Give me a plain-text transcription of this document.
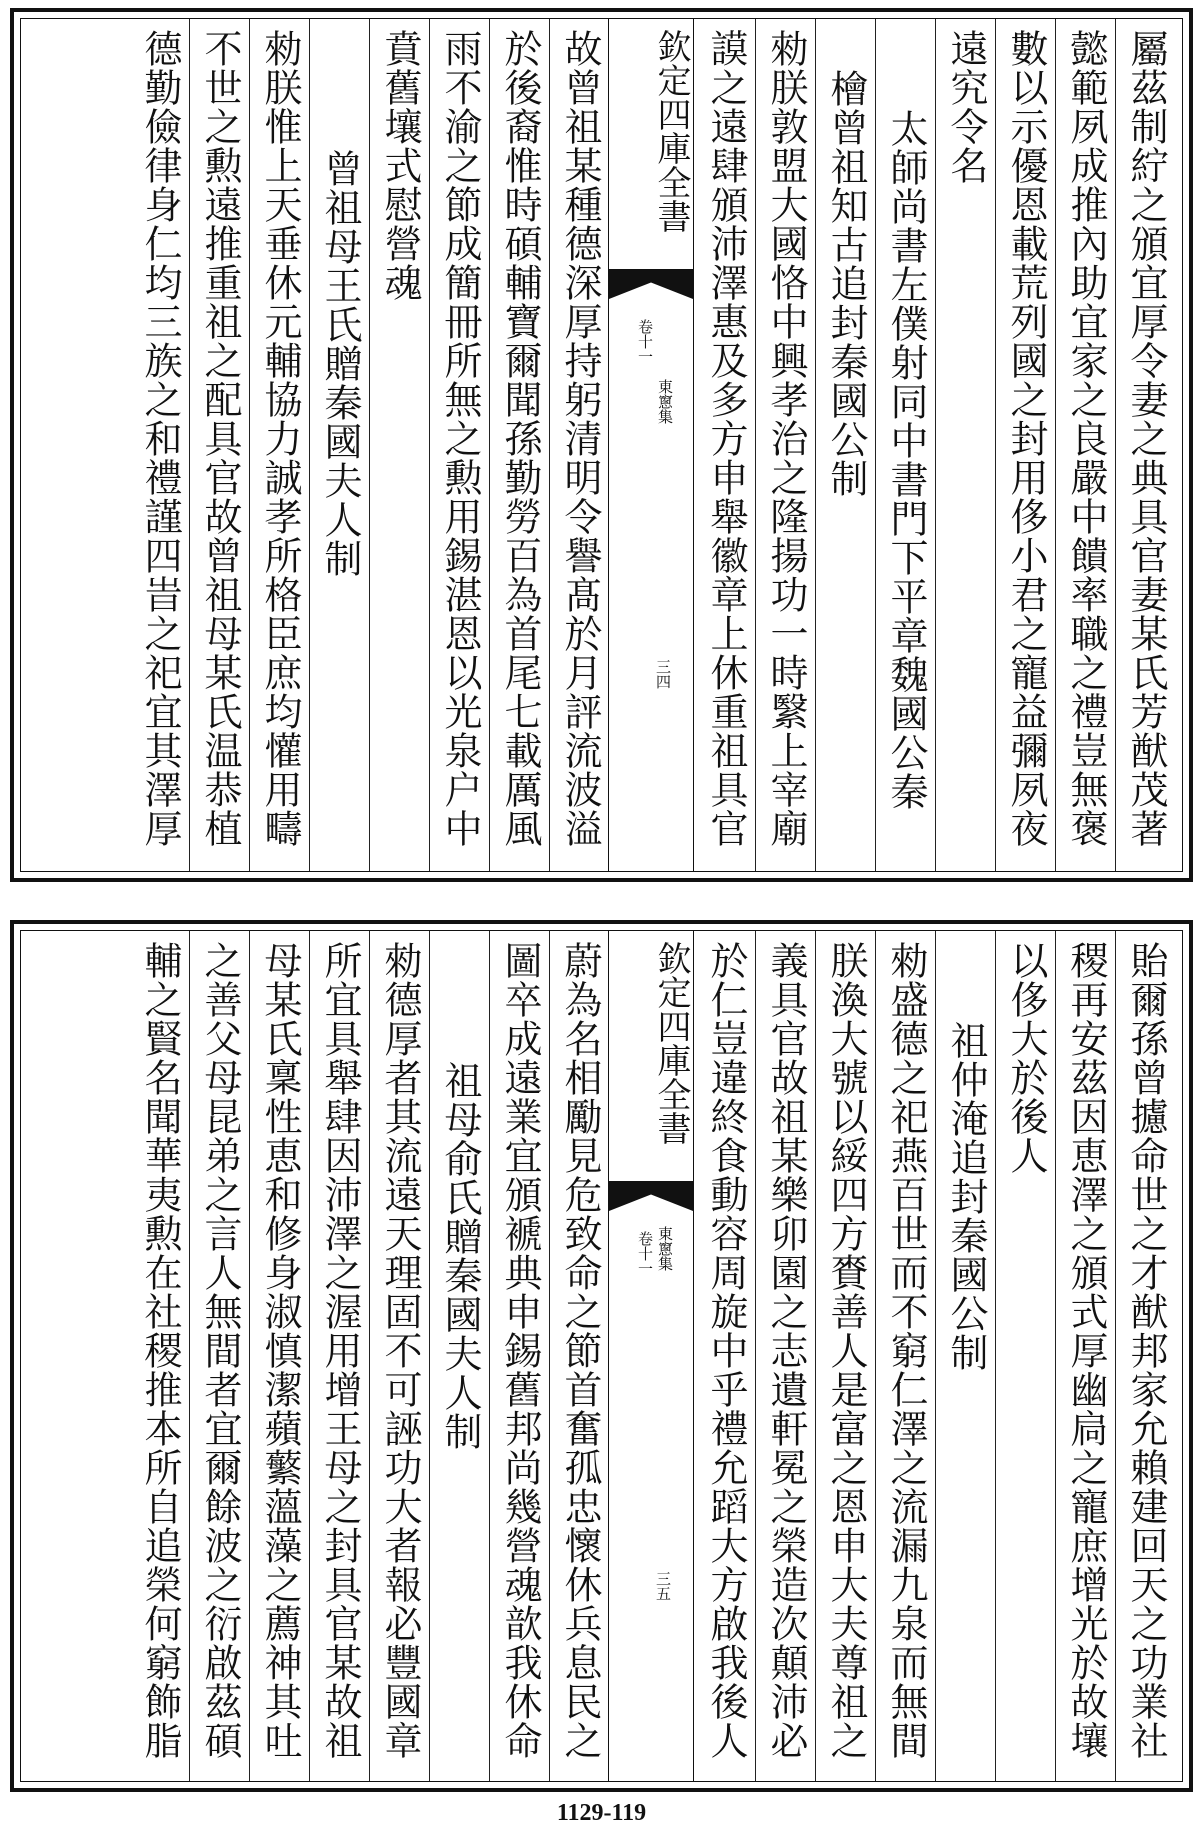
屬茲制紵之頒宜厚令妻之典具官妻某氏芳猷茂著
懿範夙成推內助宜家之良嚴中饋率職之禮豈無褒
數以示優恩載荒列國之封用侈小君之寵益彌夙夜
遠究令名
太師尚書左僕射同中書門下平章魏國公秦
檜曾祖知古追封秦國公制
勑朕敦盟大國恪中興孝治之隆揚功一時繄上宰廟
謨之遠肆頒沛澤惠及多方申舉徽章上休重祖具官
欽定四庫全書
卷十一
東窻集
三四
故曾祖某種德深厚持躬清明令譽髙於月評流波溢
於後裔惟時碩輔寶爾聞孫勤勞百為首尾七載厲風
雨不渝之節成簡冊所無之勲用錫湛恩以光泉户中
賁舊壤式慰營魂
曾祖母王氏贈秦國夫人制
勑朕惟上天垂休元輔協力誠孝所格臣庶均懽用疇
不世之勲遠推重祖之配具官故曾祖母某氏温恭植
德勤儉律身仁均三族之和禮謹四旹之祀宜其澤厚
貽爾孫曾攄命世之才猷邦家允賴建回天之功業社
稷再安茲因恵澤之頒式厚幽扃之寵庶增光於故壤
以侈大於後人
祖仲淹追封秦國公制
勑盛德之祀燕百世而不窮仁澤之流漏九泉而無間
朕渙大號以綏四方賚善人是富之恩申大夫尊祖之
義具官故祖某樂卯園之志遺軒冕之榮造次顛沛必
於仁豈違終食動容周旋中乎禮允蹈大方啟我後人
欽定四庫全書
卷十一 東窻集
三五
蔚為名相勵見危致命之節首奮孤忠懷休兵息民之
圖卒成遠業宜頒褫典申錫舊邦尚幾營魂歆我休命
祖母俞氏贈秦國夫人制
勑德厚者其流遠天理固不可誣功大者報必豐國章
所宜具舉肆因沛澤之渥用增王母之封具官某故祖
母某氏稟性恵和修身淑慎潔蘋蘩薀藻之薦神其吐
之善父母昆弟之言人無間者宜爾餘波之衍啟茲碩
輔之賢名聞華夷勲在社稷推本所自追榮何窮飾脂
1129-119
